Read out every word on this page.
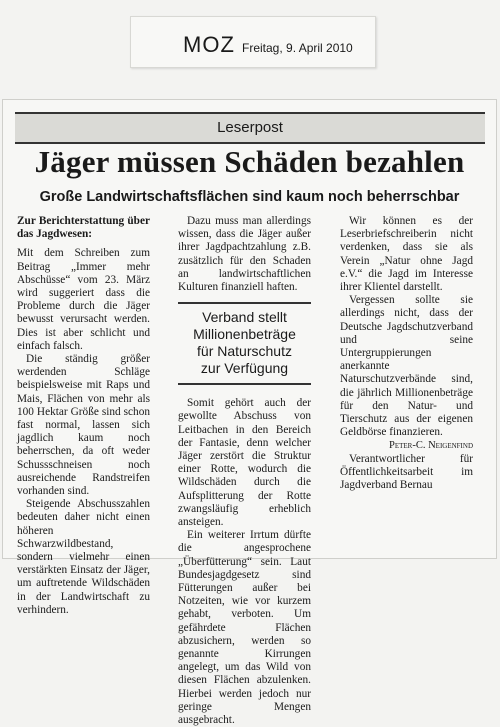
MOZ Freitag, 9. April 2010
Leserpost
Jäger müssen Schäden bezahlen
Große Landwirtschaftsflächen sind kaum noch beherrschbar

Zur Berichterstattung über das Jagdwesen:

Mit dem Schreiben zum Beitrag „Immer mehr Abschüsse“ vom 23. März wird suggeriert dass die Probleme durch die Jäger bewusst verursacht werden. Dies ist aber schlicht und einfach falsch.

Die ständig größer werdenden Schläge beispielsweise mit Raps und Mais, Flächen von mehr als 100 Hektar Größe sind schon fast normal, lassen sich jagdlich kaum noch beherrschen, da oft weder Schussschneisen noch ausreichende Randstreifen vorhanden sind.

Steigende Abschusszahlen bedeuten daher nicht einen höheren Schwarzwildbestand, sondern vielmehr einen verstärkten Einsatz der Jäger, um auftretende Wildschäden in der Landwirtschaft zu verhindern.

Dazu muss man allerdings wissen, dass die Jäger außer ihrer Jagdpachtzahlung z.B. zusätzlich für den Schaden an landwirtschaftlichen Kulturen finanziell haften.

Verband stellt
Millionenbeträge
für Naturschutz
zur Verfügung

Somit gehört auch der gewollte Abschuss von Leitbachen in den Bereich der Fantasie, denn welcher Jäger zerstört die Struktur einer Rotte, wodurch die Wildschäden durch die Aufsplitterung der Rotte zwangsläufig erheblich ansteigen.

Ein weiterer Irrtum dürfte die angesprochene „Überfütterung“ sein. Laut Bundesjagdgesetz sind Fütterungen außer bei Notzeiten, wie vor kurzem gehabt, verboten. Um gefährdete Flächen abzusichern, werden so genannte Kirrungen angelegt, um das Wild von diesen Flächen abzulenken. Hierbei werden jedoch nur geringe Mengen ausgebracht.

Wir können es der Leserbriefschreiberin nicht verdenken, dass sie als Verein „Natur ohne Jagd e.V.“ die Jagd im Interesse ihrer Klientel darstellt.

Vergessen sollte sie allerdings nicht, dass der Deutsche Jagdschutzverband und seine Untergruppierungen anerkannte Naturschutzverbände sind, die jährlich Millionenbeträge für den Natur- und Tierschutz aus der eigenen Geldbörse finanzieren.

Peter-C. Neigenfind

Verantwortlicher für Öffentlichkeitsarbeit im Jagdverband Bernau
